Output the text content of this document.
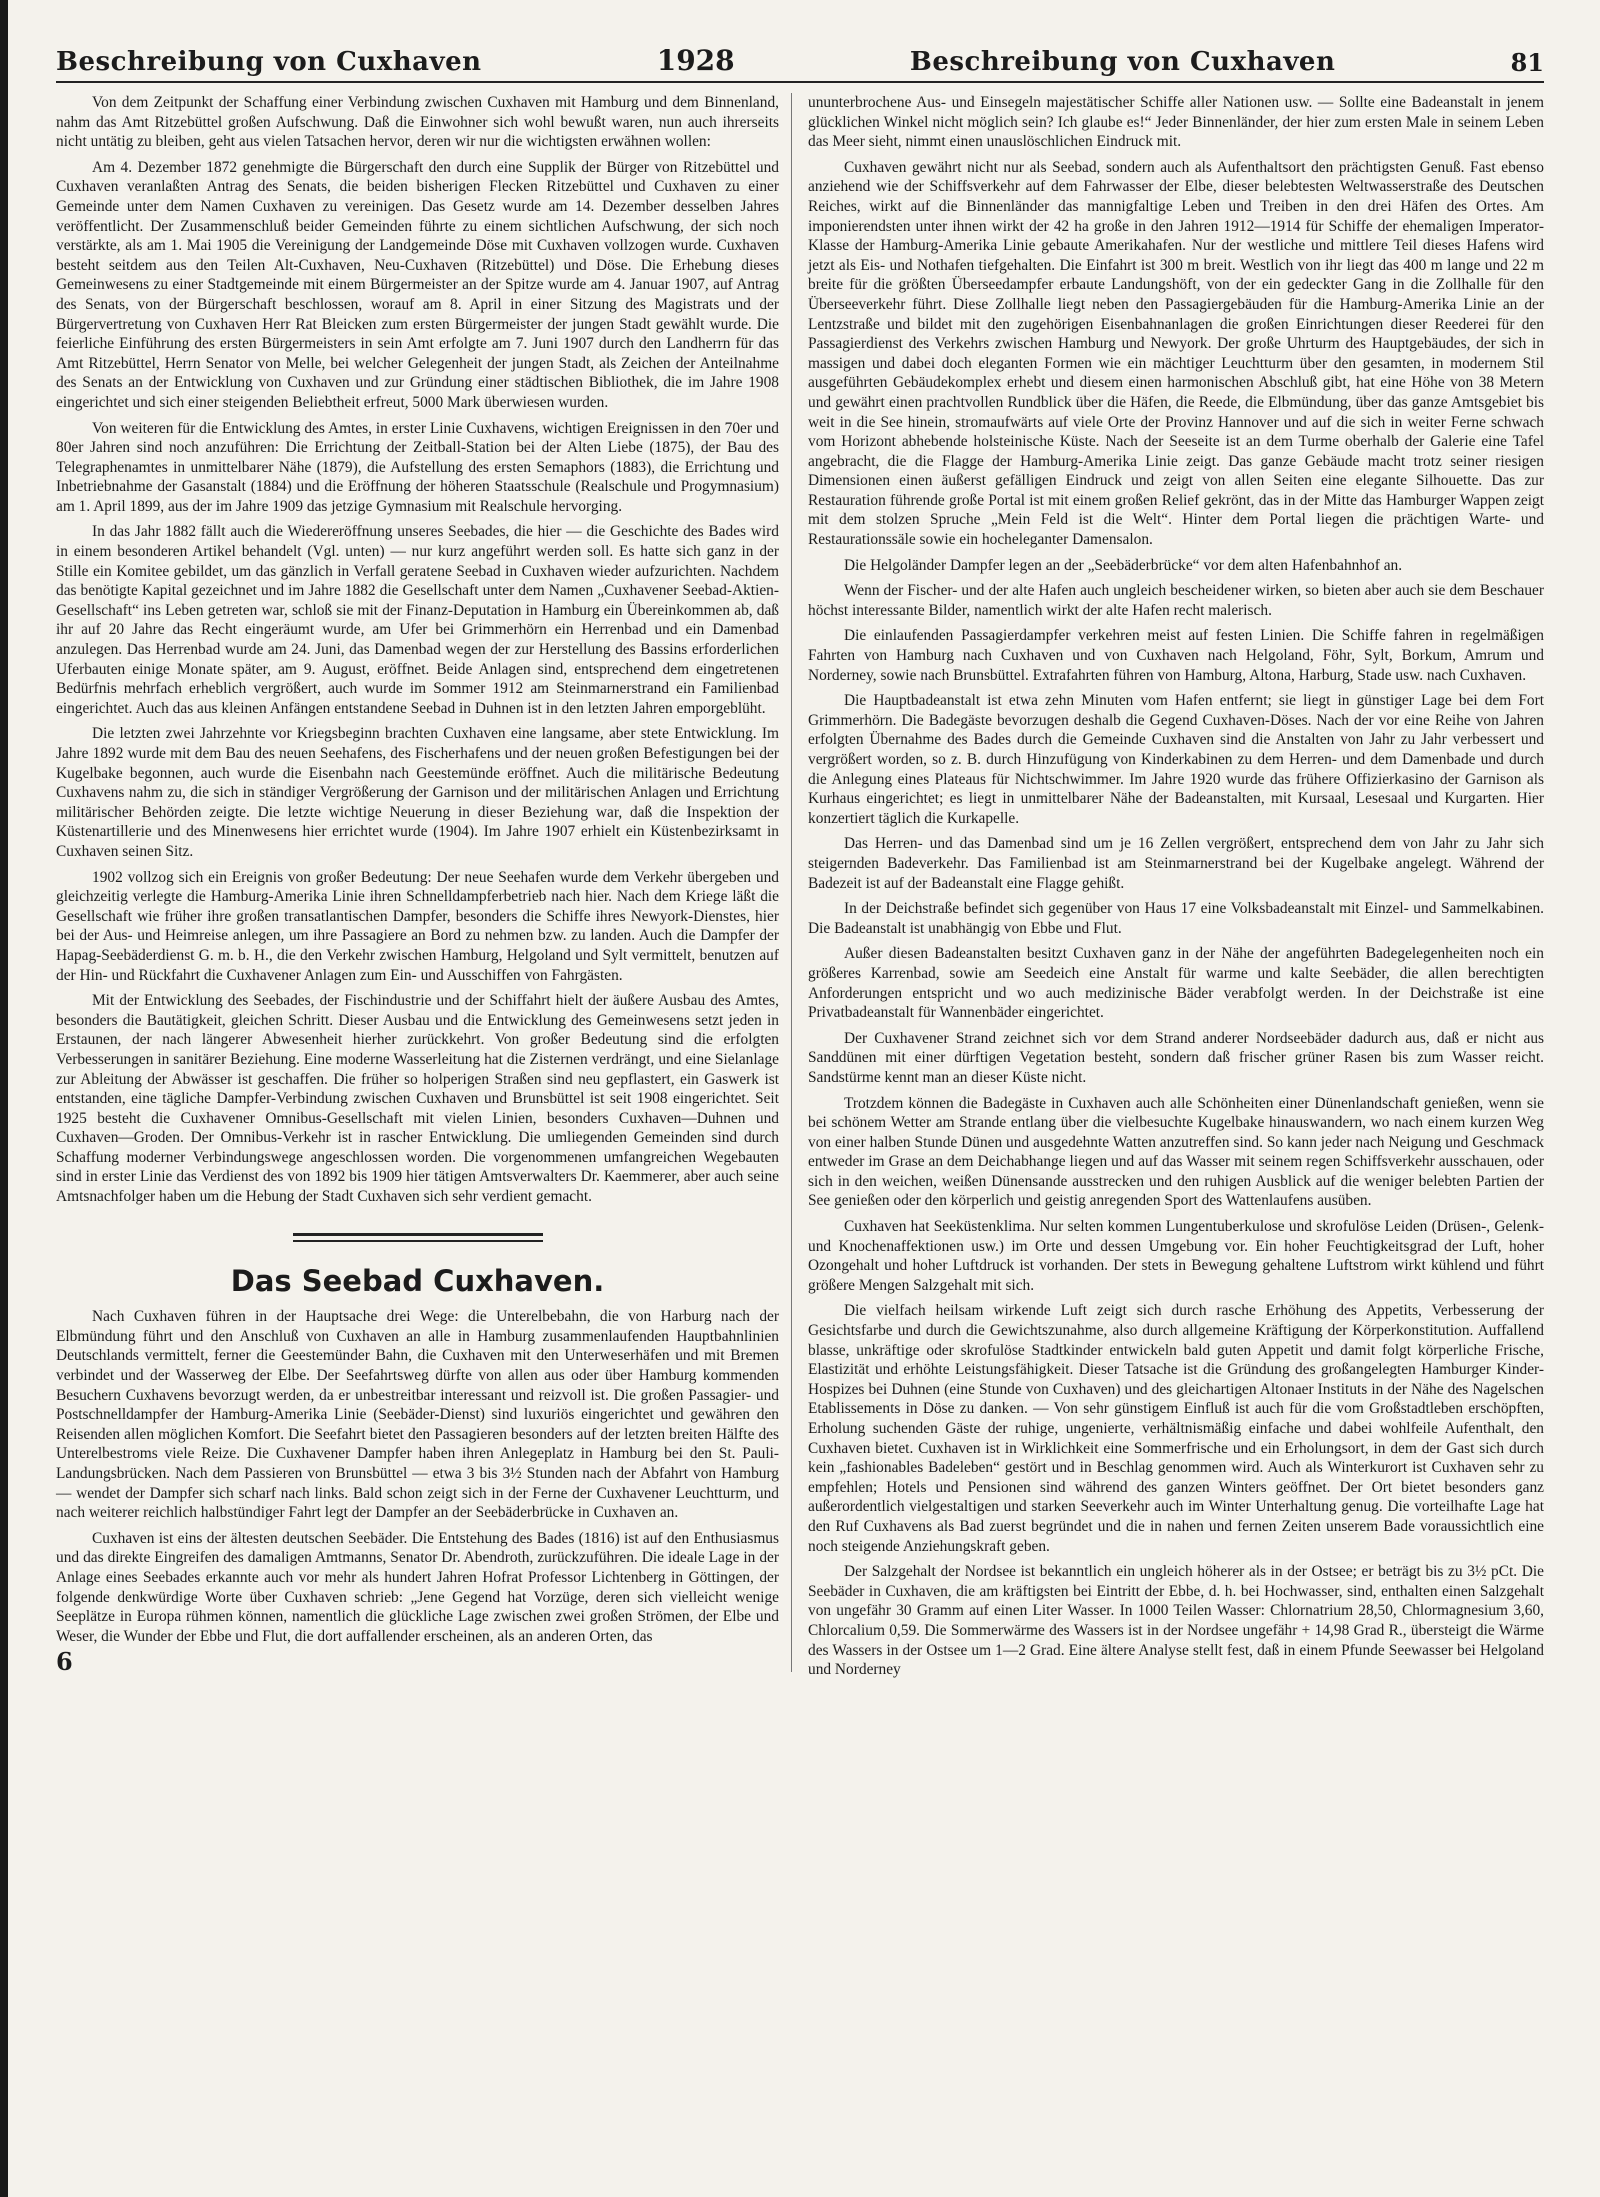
Beschreibung von Cuxhaven	1928	Beschreibung von Cuxhaven	81

Von dem Zeitpunkt der Schaffung einer Verbindung zwischen Cuxhaven mit Hamburg und dem Binnenland, nahm das Amt Ritzebüttel großen Aufschwung. Daß die Einwohner sich wohl bewußt waren, nun auch ihrerseits nicht untätig zu bleiben, geht aus vielen Tatsachen hervor, deren wir nur die wichtigsten erwähnen wollen:

Am 4. Dezember 1872 genehmigte die Bürgerschaft den durch eine Supplik der Bürger von Ritzebüttel und Cuxhaven veranlaßten Antrag des Senats, die beiden bisherigen Flecken Ritzebüttel und Cuxhaven zu einer Gemeinde unter dem Namen Cuxhaven zu vereinigen. Das Gesetz wurde am 14. Dezember desselben Jahres veröffentlicht. Der Zusammenschluß beider Gemeinden führte zu einem sichtlichen Aufschwung, der sich noch verstärkte, als am 1. Mai 1905 die Vereinigung der Landgemeinde Döse mit Cuxhaven vollzogen wurde. Cuxhaven besteht seitdem aus den Teilen Alt-Cuxhaven, Neu-Cuxhaven (Ritzebüttel) und Döse. Die Erhebung dieses Gemeinwesens zu einer Stadtgemeinde mit einem Bürgermeister an der Spitze wurde am 4. Januar 1907, auf Antrag des Senats, von der Bürgerschaft beschlossen, worauf am 8. April in einer Sitzung des Magistrats und der Bürgervertretung von Cuxhaven Herr Rat Bleicken zum ersten Bürgermeister der jungen Stadt gewählt wurde. Die feierliche Einführung des ersten Bürgermeisters in sein Amt erfolgte am 7. Juni 1907 durch den Landherrn für das Amt Ritzebüttel, Herrn Senator von Melle, bei welcher Gelegenheit der jungen Stadt, als Zeichen der Anteilnahme des Senats an der Entwicklung von Cuxhaven und zur Gründung einer städtischen Bibliothek, die im Jahre 1908 eingerichtet und sich einer steigenden Beliebtheit erfreut, 5000 Mark überwiesen wurden.

Von weiteren für die Entwicklung des Amtes, in erster Linie Cuxhavens, wichtigen Ereignissen in den 70er und 80er Jahren sind noch anzuführen: Die Errichtung der Zeitball-Station bei der Alten Liebe (1875), der Bau des Telegraphenamtes in unmittelbarer Nähe (1879), die Aufstellung des ersten Semaphors (1883), die Errichtung und Inbetriebnahme der Gasanstalt (1884) und die Eröffnung der höheren Staatsschule (Realschule und Progymnasium) am 1. April 1899, aus der im Jahre 1909 das jetzige Gymnasium mit Realschule hervorging.

In das Jahr 1882 fällt auch die Wiedereröffnung unseres Seebades, die hier — die Geschichte des Bades wird in einem besonderen Artikel behandelt (Vgl. unten) — nur kurz angeführt werden soll. Es hatte sich ganz in der Stille ein Komitee gebildet, um das gänzlich in Verfall geratene Seebad in Cuxhaven wieder aufzurichten. Nachdem das benötigte Kapital gezeichnet und im Jahre 1882 die Gesellschaft unter dem Namen „Cuxhavener Seebad-Aktien-Gesellschaft“ ins Leben getreten war, schloß sie mit der Finanz-Deputation in Hamburg ein Übereinkommen ab, daß ihr auf 20 Jahre das Recht eingeräumt wurde, am Ufer bei Grimmerhörn ein Herrenbad und ein Damenbad anzulegen. Das Herrenbad wurde am 24. Juni, das Damenbad wegen der zur Herstellung des Bassins erforderlichen Uferbauten einige Monate später, am 9. August, eröffnet. Beide Anlagen sind, entsprechend dem eingetretenen Bedürfnis mehrfach erheblich vergrößert, auch wurde im Sommer 1912 am Steinmarnerstrand ein Familienbad eingerichtet. Auch das aus kleinen Anfängen entstandene Seebad in Duhnen ist in den letzten Jahren emporgeblüht.

Die letzten zwei Jahrzehnte vor Kriegsbeginn brachten Cuxhaven eine langsame, aber stete Entwicklung. Im Jahre 1892 wurde mit dem Bau des neuen Seehafens, des Fischerhafens und der neuen großen Befestigungen bei der Kugelbake begonnen, auch wurde die Eisenbahn nach Geestemünde eröffnet. Auch die militärische Bedeutung Cuxhavens nahm zu, die sich in ständiger Vergrößerung der Garnison und der militärischen Anlagen und Errichtung militärischer Behörden zeigte. Die letzte wichtige Neuerung in dieser Beziehung war, daß die Inspektion der Küstenartillerie und des Minenwesens hier errichtet wurde (1904). Im Jahre 1907 erhielt ein Küstenbezirksamt in Cuxhaven seinen Sitz.

1902 vollzog sich ein Ereignis von großer Bedeutung: Der neue Seehafen wurde dem Verkehr übergeben und gleichzeitig verlegte die Hamburg-Amerika Linie ihren Schnelldampferbetrieb nach hier. Nach dem Kriege läßt die Gesellschaft wie früher ihre großen transatlantischen Dampfer, besonders die Schiffe ihres Newyork-Dienstes, hier bei der Aus- und Heimreise anlegen, um ihre Passagiere an Bord zu nehmen bzw. zu landen. Auch die Dampfer der Hapag-Seebäderdienst G. m. b. H., die den Verkehr zwischen Hamburg, Helgoland und Sylt vermittelt, benutzen auf der Hin- und Rückfahrt die Cuxhavener Anlagen zum Ein- und Ausschiffen von Fahrgästen.

Mit der Entwicklung des Seebades, der Fischindustrie und der Schiffahrt hielt der äußere Ausbau des Amtes, besonders die Bautätigkeit, gleichen Schritt. Dieser Ausbau und die Entwicklung des Gemeinwesens setzt jeden in Erstaunen, der nach längerer Abwesenheit hierher zurückkehrt. Von großer Bedeutung sind die erfolgten Verbesserungen in sanitärer Beziehung. Eine moderne Wasserleitung hat die Zisternen verdrängt, und eine Sielanlage zur Ableitung der Abwässer ist geschaffen. Die früher so holperigen Straßen sind neu gepflastert, ein Gaswerk ist entstanden, eine tägliche Dampfer-Verbindung zwischen Cuxhaven und Brunsbüttel ist seit 1908 eingerichtet. Seit 1925 besteht die Cuxhavener Omnibus-Gesellschaft mit vielen Linien, besonders Cuxhaven—Duhnen und Cuxhaven—Groden. Der Omnibus-Verkehr ist in rascher Entwicklung. Die umliegenden Gemeinden sind durch Schaffung moderner Verbindungswege angeschlossen worden. Die vorgenommenen umfangreichen Wegebauten sind in erster Linie das Verdienst des von 1892 bis 1909 hier tätigen Amtsverwalters Dr. Kaemmerer, aber auch seine Amtsnachfolger haben um die Hebung der Stadt Cuxhaven sich sehr verdient gemacht.

Das Seebad Cuxhaven.

Nach Cuxhaven führen in der Hauptsache drei Wege: die Unterelbebahn, die von Harburg nach der Elbmündung führt und den Anschluß von Cuxhaven an alle in Hamburg zusammenlaufenden Hauptbahnlinien Deutschlands vermittelt, ferner die Geestemünder Bahn, die Cuxhaven mit den Unterweserhäfen und mit Bremen verbindet und der Wasserweg der Elbe. Der Seefahrtsweg dürfte von allen aus oder über Hamburg kommenden Besuchern Cuxhavens bevorzugt werden, da er unbestreitbar interessant und reizvoll ist. Die großen Passagier- und Postschnelldampfer der Hamburg-Amerika Linie (Seebäder-Dienst) sind luxuriös eingerichtet und gewähren den Reisenden allen möglichen Komfort. Die Seefahrt bietet den Passagieren besonders auf der letzten breiten Hälfte des Unterelbestroms viele Reize. Die Cuxhavener Dampfer haben ihren Anlegeplatz in Hamburg bei den St. Pauli-Landungsbrücken. Nach dem Passieren von Brunsbüttel — etwa 3 bis 3½ Stunden nach der Abfahrt von Hamburg — wendet der Dampfer sich scharf nach links. Bald schon zeigt sich in der Ferne der Cuxhavener Leuchtturm, und nach weiterer reichlich halbstündiger Fahrt legt der Dampfer an der Seebäderbrücke in Cuxhaven an.

Cuxhaven ist eins der ältesten deutschen Seebäder. Die Entstehung des Bades (1816) ist auf den Enthusiasmus und das direkte Eingreifen des damaligen Amtmanns, Senator Dr. Abendroth, zurückzuführen. Die ideale Lage in der Anlage eines Seebades erkannte auch vor mehr als hundert Jahren Hofrat Professor Lichtenberg in Göttingen, der folgende denkwürdige Worte über Cuxhaven schrieb: „Jene Gegend hat Vorzüge, deren sich vielleicht wenige Seeplätze in Europa rühmen können, namentlich die glückliche Lage zwischen zwei großen Strömen, der Elbe und Weser, die Wunder der Ebbe und Flut, die dort auffallender erscheinen, als an anderen Orten, das

6

ununterbrochene Aus- und Einsegeln majestätischer Schiffe aller Nationen usw. — Sollte eine Badeanstalt in jenem glücklichen Winkel nicht möglich sein? Ich glaube es!“ Jeder Binnenländer, der hier zum ersten Male in seinem Leben das Meer sieht, nimmt einen unauslöschlichen Eindruck mit.

Cuxhaven gewährt nicht nur als Seebad, sondern auch als Aufenthaltsort den prächtigsten Genuß. Fast ebenso anziehend wie der Schiffsverkehr auf dem Fahrwasser der Elbe, dieser belebtesten Weltwasserstraße des Deutschen Reiches, wirkt auf die Binnenländer das mannigfaltige Leben und Treiben in den drei Häfen des Ortes. Am imponierendsten unter ihnen wirkt der 42 ha große in den Jahren 1912—1914 für Schiffe der ehemaligen Imperator-Klasse der Hamburg-Amerika Linie gebaute Amerikahafen. Nur der westliche und mittlere Teil dieses Hafens wird jetzt als Eis- und Nothafen tiefgehalten. Die Einfahrt ist 300 m breit. Westlich von ihr liegt das 400 m lange und 22 m breite für die größten Überseedampfer erbaute Landungshöft, von der ein gedeckter Gang in die Zollhalle für den Überseeverkehr führt. Diese Zollhalle liegt neben den Passagiergebäuden für die Hamburg-Amerika Linie an der Lentzstraße und bildet mit den zugehörigen Eisenbahnanlagen die großen Einrichtungen dieser Reederei für den Passagierdienst des Verkehrs zwischen Hamburg und Newyork. Der große Uhrturm des Hauptgebäudes, der sich in massigen und dabei doch eleganten Formen wie ein mächtiger Leuchtturm über den gesamten, in modernem Stil ausgeführten Gebäudekomplex erhebt und diesem einen harmonischen Abschluß gibt, hat eine Höhe von 38 Metern und gewährt einen prachtvollen Rundblick über die Häfen, die Reede, die Elbmündung, über das ganze Amtsgebiet bis weit in die See hinein, stromaufwärts auf viele Orte der Provinz Hannover und auf die sich in weiter Ferne schwach vom Horizont abhebende holsteinische Küste. Nach der Seeseite ist an dem Turme oberhalb der Galerie eine Tafel angebracht, die die Flagge der Hamburg-Amerika Linie zeigt. Das ganze Gebäude macht trotz seiner riesigen Dimensionen einen äußerst gefälligen Eindruck und zeigt von allen Seiten eine elegante Silhouette. Das zur Restauration führende große Portal ist mit einem großen Relief gekrönt, das in der Mitte das Hamburger Wappen zeigt mit dem stolzen Spruche „Mein Feld ist die Welt“. Hinter dem Portal liegen die prächtigen Warte- und Restaurationssäle sowie ein hocheleganter Damensalon.

Die Helgoländer Dampfer legen an der „Seebäderbrücke“ vor dem alten Hafenbahnhof an.

Wenn der Fischer- und der alte Hafen auch ungleich bescheidener wirken, so bieten aber auch sie dem Beschauer höchst interessante Bilder, namentlich wirkt der alte Hafen recht malerisch.

Die einlaufenden Passagierdampfer verkehren meist auf festen Linien. Die Schiffe fahren in regelmäßigen Fahrten von Hamburg nach Cuxhaven und von Cuxhaven nach Helgoland, Föhr, Sylt, Borkum, Amrum und Norderney, sowie nach Brunsbüttel. Extrafahrten führen von Hamburg, Altona, Harburg, Stade usw. nach Cuxhaven.

Die Hauptbadeanstalt ist etwa zehn Minuten vom Hafen entfernt; sie liegt in günstiger Lage bei dem Fort Grimmerhörn. Die Badegäste bevorzugen deshalb die Gegend Cuxhaven-Döses. Nach der vor eine Reihe von Jahren erfolgten Übernahme des Bades durch die Gemeinde Cuxhaven sind die Anstalten von Jahr zu Jahr verbessert und vergrößert worden, so z. B. durch Hinzufügung von Kinderkabinen zu dem Herren- und dem Damenbade und durch die Anlegung eines Plateaus für Nichtschwimmer. Im Jahre 1920 wurde das frühere Offizierkasino der Garnison als Kurhaus eingerichtet; es liegt in unmittelbarer Nähe der Badeanstalten, mit Kursaal, Lesesaal und Kurgarten. Hier konzertiert täglich die Kurkapelle.

Das Herren- und das Damenbad sind um je 16 Zellen vergrößert, entsprechend dem von Jahr zu Jahr sich steigernden Badeverkehr. Das Familienbad ist am Steinmarnerstrand bei der Kugelbake angelegt. Während der Badezeit ist auf der Badeanstalt eine Flagge gehißt.

In der Deichstraße befindet sich gegenüber von Haus 17 eine Volksbadeanstalt mit Einzel- und Sammelkabinen. Die Badeanstalt ist unabhängig von Ebbe und Flut.

Außer diesen Badeanstalten besitzt Cuxhaven ganz in der Nähe der angeführten Badegelegenheiten noch ein größeres Karrenbad, sowie am Seedeich eine Anstalt für warme und kalte Seebäder, die allen berechtigten Anforderungen entspricht und wo auch medizinische Bäder verabfolgt werden. In der Deichstraße ist eine Privatbadeanstalt für Wannenbäder eingerichtet.

Der Cuxhavener Strand zeichnet sich vor dem Strand anderer Nordseebäder dadurch aus, daß er nicht aus Sanddünen mit einer dürftigen Vegetation besteht, sondern daß frischer grüner Rasen bis zum Wasser reicht. Sandstürme kennt man an dieser Küste nicht.

Trotzdem können die Badegäste in Cuxhaven auch alle Schönheiten einer Dünenlandschaft genießen, wenn sie bei schönem Wetter am Strande entlang über die vielbesuchte Kugelbake hinauswandern, wo nach einem kurzen Weg von einer halben Stunde Dünen und ausgedehnte Watten anzutreffen sind. So kann jeder nach Neigung und Geschmack entweder im Grase an dem Deichabhange liegen und auf das Wasser mit seinem regen Schiffsverkehr ausschauen, oder sich in den weichen, weißen Dünensande ausstrecken und den ruhigen Ausblick auf die weniger belebten Partien der See genießen oder den körperlich und geistig anregenden Sport des Wattenlaufens ausüben.

Cuxhaven hat Seeküstenklima. Nur selten kommen Lungentuberkulose und skrofulöse Leiden (Drüsen-, Gelenk- und Knochenaffektionen usw.) im Orte und dessen Umgebung vor. Ein hoher Feuchtigkeitsgrad der Luft, hoher Ozongehalt und hoher Luftdruck ist vorhanden. Der stets in Bewegung gehaltene Luftstrom wirkt kühlend und führt größere Mengen Salzgehalt mit sich.

Die vielfach heilsam wirkende Luft zeigt sich durch rasche Erhöhung des Appetits, Verbesserung der Gesichtsfarbe und durch die Gewichtszunahme, also durch allgemeine Kräftigung der Körperkonstitution. Auffallend blasse, unkräftige oder skrofulöse Stadtkinder entwickeln bald guten Appetit und damit folgt körperliche Frische, Elastizität und erhöhte Leistungsfähigkeit. Dieser Tatsache ist die Gründung des großangelegten Hamburger Kinder-Hospizes bei Duhnen (eine Stunde von Cuxhaven) und des gleichartigen Altonaer Instituts in der Nähe des Nagelschen Etablissements in Döse zu danken. — Von sehr günstigem Einfluß ist auch für die vom Großstadtleben erschöpften, Erholung suchenden Gäste der ruhige, ungenierte, verhältnismäßig einfache und dabei wohlfeile Aufenthalt, den Cuxhaven bietet. Cuxhaven ist in Wirklichkeit eine Sommerfrische und ein Erholungsort, in dem der Gast sich durch kein „fashionables Badeleben“ gestört und in Beschlag genommen wird. Auch als Winterkurort ist Cuxhaven sehr zu empfehlen; Hotels und Pensionen sind während des ganzen Winters geöffnet. Der Ort bietet besonders ganz außerordentlich vielgestaltigen und starken Seeverkehr auch im Winter Unterhaltung genug. Die vorteilhafte Lage hat den Ruf Cuxhavens als Bad zuerst begründet und die in nahen und fernen Zeiten unserem Bade voraussichtlich eine noch steigende Anziehungskraft geben.

Der Salzgehalt der Nordsee ist bekanntlich ein ungleich höherer als in der Ostsee; er beträgt bis zu 3½ pCt. Die Seebäder in Cuxhaven, die am kräftigsten bei Eintritt der Ebbe, d. h. bei Hochwasser, sind, enthalten einen Salzgehalt von ungefähr 30 Gramm auf einen Liter Wasser. In 1000 Teilen Wasser: Chlornatrium 28,50, Chlormagnesium 3,60, Chlorcalium 0,59. Die Sommerwärme des Wassers ist in der Nordsee ungefähr + 14,98 Grad R., übersteigt die Wärme des Wassers in der Ostsee um 1—2 Grad. Eine ältere Analyse stellt fest, daß in einem Pfunde Seewasser bei Helgoland und Norderney
